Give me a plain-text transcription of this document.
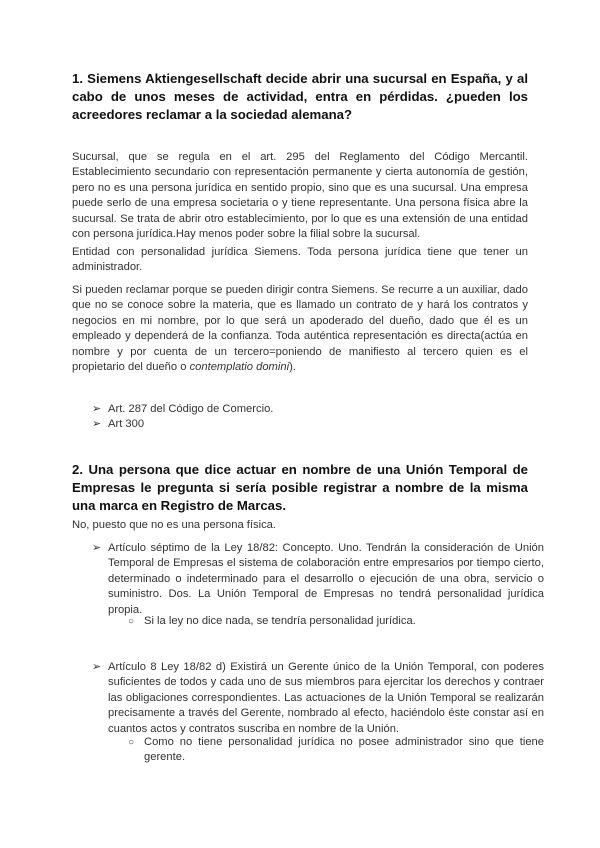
1. Siemens Aktiengesellschaft decide abrir una sucursal en España, y al cabo de unos meses de actividad, entra en pérdidas. ¿pueden los acreedores reclamar a la sociedad alemana?

Sucursal, que se regula en el art. 295 del Reglamento del Código Mercantil. Establecimiento secundario con representación permanente y cierta autonomía de gestión, pero no es una persona jurídica en sentido propio, sino que es una sucursal. Una empresa puede serlo de una empresa societaria o y tiene representante. Una persona física abre la sucursal. Se trata de abrir otro establecimiento, por lo que es una extensión de una entidad con persona jurídica.Hay menos poder sobre la filial sobre la sucursal.

Entidad con personalidad jurídica Siemens. Toda persona jurídica tiene que tener un administrador.

Si pueden reclamar porque se pueden dirigir contra Siemens. Se recurre a un auxiliar, dado que no se conoce sobre la materia, que es llamado un contrato de y hará los contratos y negocios en mi nombre, por lo que será un apoderado del dueño, dado que él es un empleado y dependerá de la confianza. Toda auténtica representación es directa(actúa en nombre y por cuenta de un tercero=poniendo de manifiesto al tercero quien es el propietario del dueño o contemplatio domini).

➢ Art. 287 del Código de Comercio.
➢ Art 300

2. Una persona que dice actuar en nombre de una Unión Temporal de Empresas le pregunta si sería posible registrar a nombre de la misma una marca en Registro de Marcas.

No, puesto que no es una persona física.

➢ Artículo séptimo de la Ley 18/82: Concepto. Uno. Tendrán la consideración de Unión Temporal de Empresas el sistema de colaboración entre empresarios por tiempo cierto, determinado o indeterminado para el desarrollo o ejecución de una obra, servicio o suministro. Dos. La Unión Temporal de Empresas no tendrá personalidad jurídica propia.
○ Si la ley no dice nada, se tendría personalidad jurídica.
➢ Artículo 8 Ley 18/82 d) Existirá un Gerente único de la Unión Temporal, con poderes suficientes de todos y cada uno de sus miembros para ejercitar los derechos y contraer las obligaciones correspondientes. Las actuaciones de la Unión Temporal se realizarán precisamente a través del Gerente, nombrado al efecto, haciéndolo éste constar así en cuantos actos y contratos suscriba en nombre de la Unión.
○ Como no tiene personalidad jurídica no posee administrador sino que tiene gerente.
